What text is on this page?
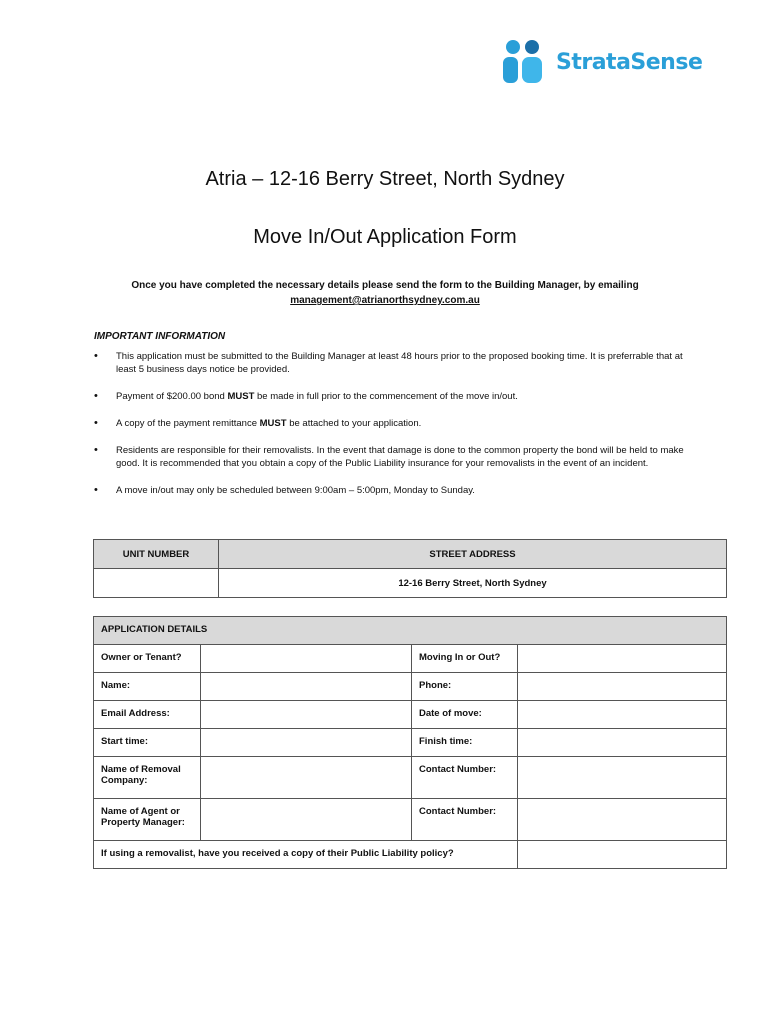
StrataSense
Atria – 12-16 Berry Street, North Sydney
Move In/Out Application Form
Once you have completed the necessary details please send the form to the Building Manager, by emailing
management@atrianorthsydney.com.au
IMPORTANT INFORMATION
• This application must be submitted to the Building Manager at least 48 hours prior to the proposed booking time. It is preferrable that at least 5 business days notice be provided.
• Payment of $200.00 bond MUST be made in full prior to the commencement of the move in/out.
• A copy of the payment remittance MUST be attached to your application.
• Residents are responsible for their removalists. In the event that damage is done to the common property the bond will be held to make good. It is recommended that you obtain a copy of the Public Liability insurance for your removalists in the event of an incident.
• A move in/out may only be scheduled between 9:00am – 5:00pm, Monday to Sunday.
UNIT NUMBER	STREET ADDRESS
	12-16 Berry Street, North Sydney
APPLICATION DETAILS			
Owner or Tenant?		Moving In or Out?	
Name:		Phone:	
Email Address:		Date of move:	
Start time:		Finish time:	
Name of Removal Company:		Contact Number:	
Name of Agent or Property Manager:		Contact Number:	
If using a removalist, have you received a copy of their Public Liability policy?			
